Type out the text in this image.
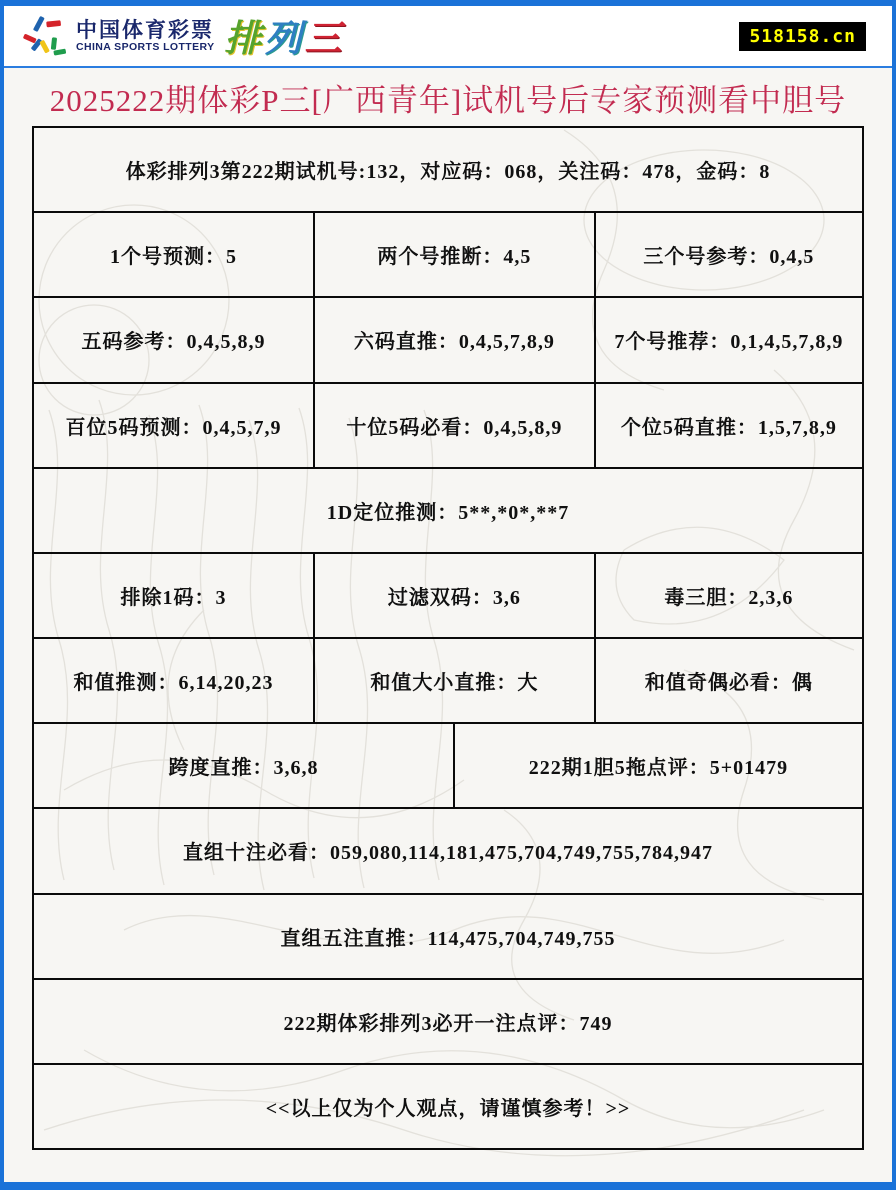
中国体育彩票
CHINA SPORTS LOTTERY 排列三	518158.cn
2025222期体彩P三[广西青年]试机号后专家预测看中胆号
体彩排列3第222期试机号:132，对应码：068，关注码：478，金码：8
1个号预测：5	两个号推断：4,5	三个号参考：0,4,5
五码参考：0,4,5,8,9	六码直推：0,4,5,7,8,9	7个号推荐：0,1,4,5,7,8,9
百位5码预测：0,4,5,7,9	十位5码必看：0,4,5,8,9	个位5码直推：1,5,7,8,9
1D定位推测：5**,*0*,**7
排除1码：3	过滤双码：3,6	毒三胆：2,3,6
和值推测：6,14,20,23	和值大小直推：大	和值奇偶必看：偶
跨度直推：3,6,8	222期1胆5拖点评：5+01479
直组十注必看：059,080,114,181,475,704,749,755,784,947
直组五注直推：114,475,704,749,755
222期体彩排列3必开一注点评：749
<<以上仅为个人观点，请谨慎参考！>>
